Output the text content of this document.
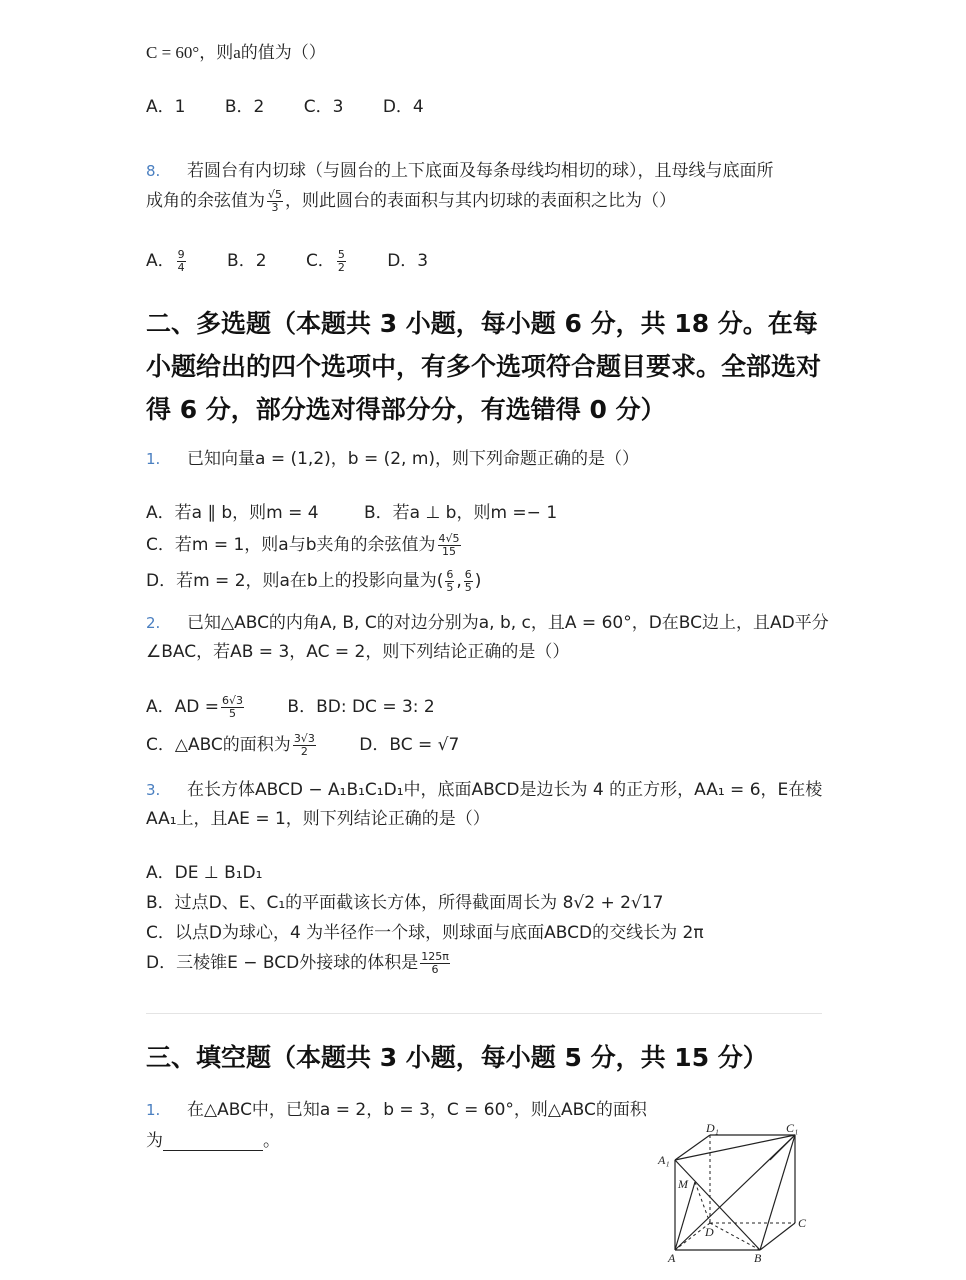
C = 60°，则a的值为（）
A．1 B．2 C．3 D．4
8. 若圆台有内切球（与圆台的上下底面及每条母线均相切的球），且母线与底面所
成角的余弦值为 $\frac{√5}{3}$ ，则此圆台的表面积与其内切球的表面积之比为（）
A． $\frac{9}{4}$ B．2 C． $\frac{5}{2}$ D．3
二、多选题（本题共 3 小题，每小题 6 分，共 18 分。在每小题给出的四个选项中，有多个选项符合题目要求。全部选对得 6 分，部分选对得部分分，有选错得 0 分）
1. 已知向量a = (1,2)，b = (2, m)，则下列命题正确的是（）
A．若a ∥ b，则m = 4	B．若a ⊥ b，则m =− 1
C．若m = 1，则a与b夹角的余弦值为 $\frac{4√5}{15}$
D．若m = 2，则a在b上的投影向量为( $\frac{6}{5}$ , $\frac{6}{5}$ )
2. 已知△ABC的内角A, B, C的对边分别为a, b, c，且A = 60°，D在BC边上，且AD平分
∠BAC，若AB = 3，AC = 2，则下列结论正确的是（）
A．AD = $\frac{6√3}{5}$	B．BD: DC = 3: 2
C．△ABC的面积为 $\frac{3√3}{2}$	D．BC = √7
3. 在长方体ABCD − A₁B₁C₁D₁中，底面ABCD是边长为 4 的正方形，AA₁ = 6，E在棱
AA₁上，且AE = 1，则下列结论正确的是（）
A．DE ⊥ B₁D₁
B．过点D、E、C₁的平面截该长方体，所得截面周长为 8√2 + 2√17
C．以点D为球心，4 为半径作一个球，则球面与底面ABCD的交线长为 2π
D．三棱锥E − BCD外接球的体积是 $\frac{125\pi}{6}$
三、填空题（本题共 3 小题，每小题 5 分，共 15 分）
1. 在△ABC中，已知a = 2，b = 3，C = 60°，则△ABC的面积
为	。
D₁	C₁
A₁
M
D
C
A	B
